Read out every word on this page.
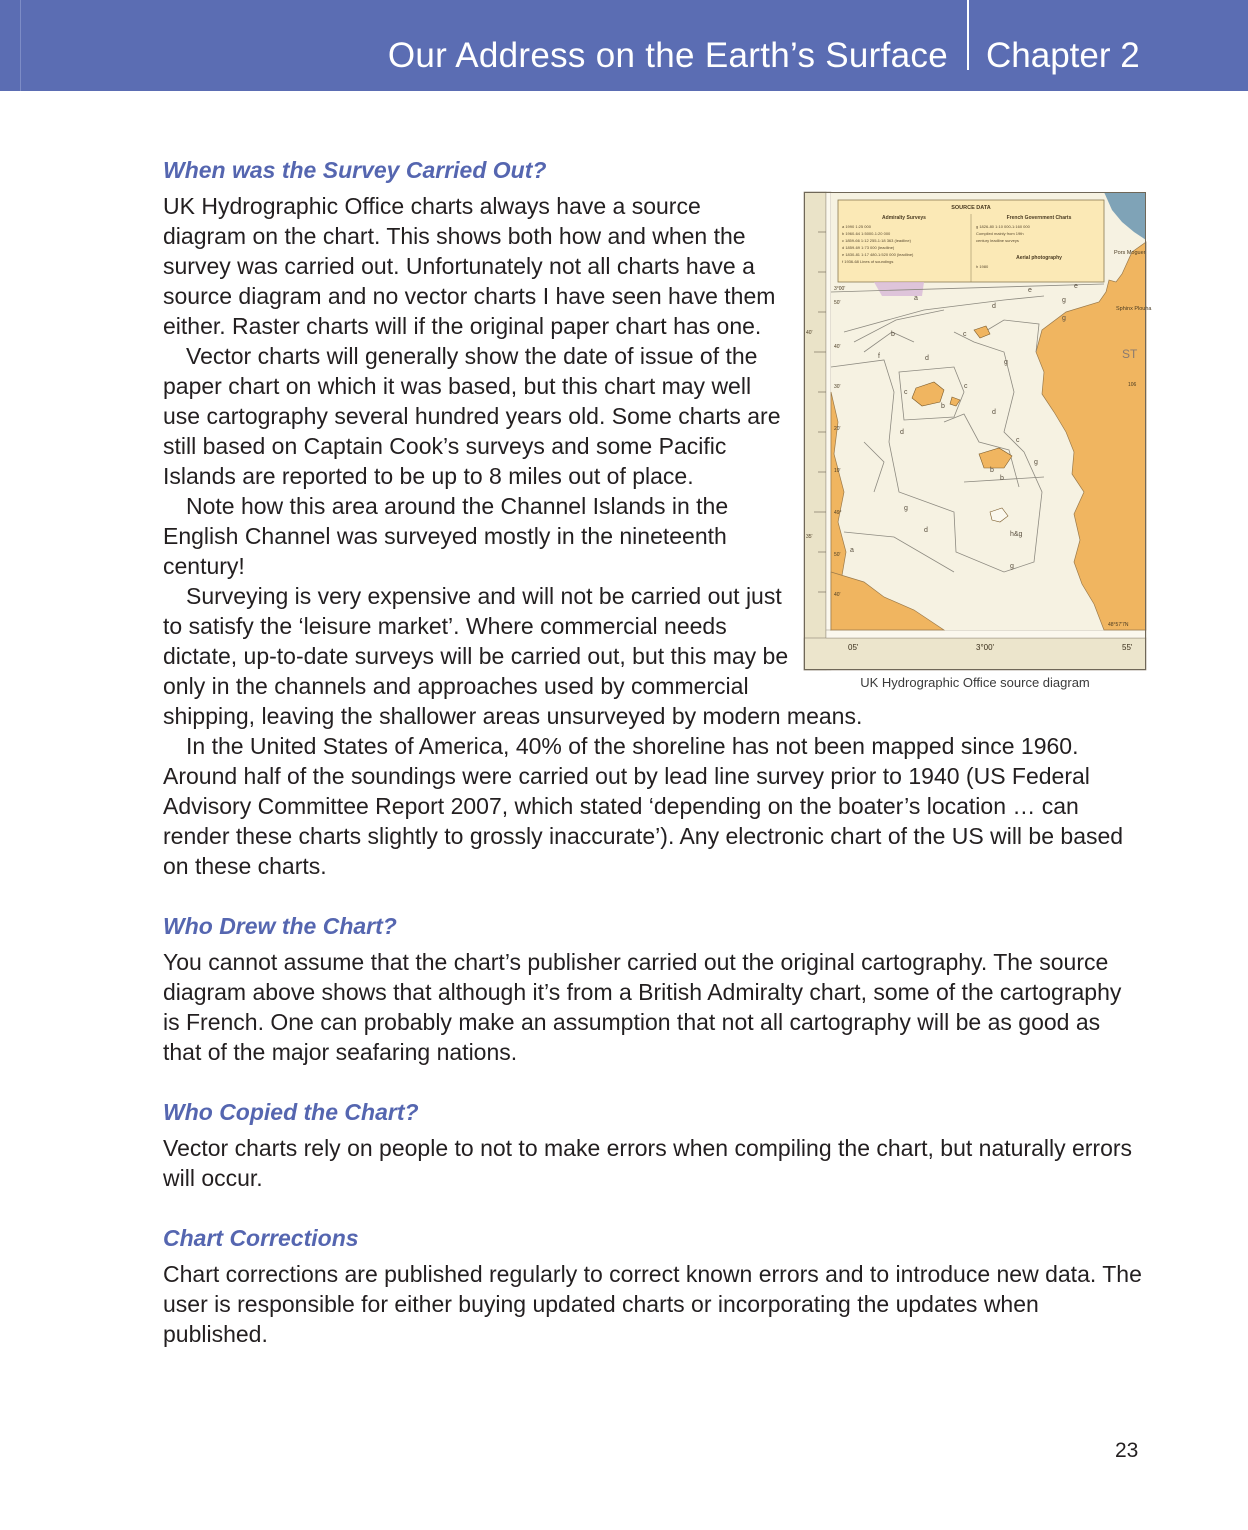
Our Address on the Earth’s Surface Chapter 2
When was the Survey Carried Out?
SOURCE DATA
Admiralty Surveys	French Government Charts
Aerial photography
a 1990 1:25 000
b 1960-64 1:5000-1:20 000
c 1859-66 1:12 255-1:18 363 (leadline)
d 1859-69 1:73 000 (leadline)
e 1830-81 1:17 480-1:520 000 (leadline)
f 1936-68 Lines of soundings
g 1826-80 1:10 000-1:160 000
Compiled mainly from 19th
century leadline surveys
h 1980
a
d
e
g
b	c
f	d
g
c
b
c
d
g
c
b
d
g
b
g
h&g
d
g
a
e
Pors Moguer
Sphinx Plouha
ST
40'
35'
3°00'
50'
40'
30'
20'
10'
49°
50'
40'
05'	3°00'	55'
106
48°57'7N
UK Hydrographic Office source diagram

UK Hydrographic Office charts always have a source diagram on the chart. This shows both how and when the survey was carried out. Unfortunately not all charts have a source diagram and no vector charts I have seen have them either. Raster charts will if the original paper chart has one.

Vector charts will generally show the date of issue of the paper chart on which it was based, but this chart may well use cartography several hundred years old. Some charts are still based on Captain Cook’s surveys and some Pacific Islands are reported to be up to 8 miles out of place.

Note how this area around the Channel Islands in the English Channel was surveyed mostly in the nineteenth century!

Surveying is very expensive and will not be carried out just to satisfy the ‘leisure market’. Where commercial needs dictate, up-to-date surveys will be carried out, but this may be only in the channels and approaches used by commercial shipping, leaving the shallower areas unsurveyed by modern means.

In the United States of America, 40% of the shoreline has not been mapped since 1960. Around half of the soundings were carried out by lead line survey prior to 1940 (US Federal Advisory Committee Report 2007, which stated ‘depending on the boater’s location … can render these charts slightly to grossly inaccurate’). Any electronic chart of the US will be based on these charts.

Who Drew the Chart?

You cannot assume that the chart’s publisher carried out the original cartography. The source diagram above shows that although it’s from a British Admiralty chart, some of the cartography is French. One can probably make an assumption that not all cartography will be as good as that of the major seafaring nations.

Who Copied the Chart?

Vector charts rely on people to not to make errors when compiling the chart, but naturally errors will occur.

Chart Corrections

Chart corrections are published regularly to correct known errors and to introduce new data. The user is responsible for either buying updated charts or incorporating the updates when published.

23
